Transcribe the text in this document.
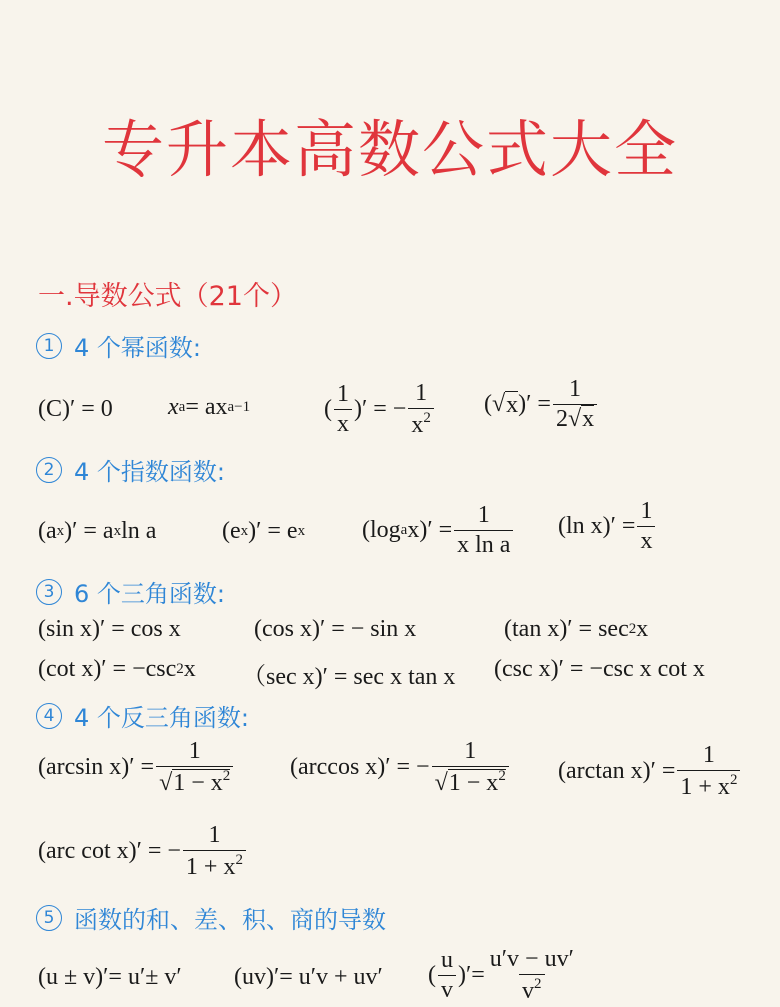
专升本高数公式大全
一.导数公式（21个）
1 4 个幂函数:
(C)′ = 0 x a = ax a−1	( $\frac{1}{x}$ )′ = − $\frac{1}{x^2}$ (√ x )′ = $\frac{1}{2√x}$
2 4 个指数函数:
(a x )′ = a x ln a	(e x )′ = e x (log a $x)' = \frac{1}{\text{x ln a}} (\ln$ $x)' = \frac{1}{x}$
3 6 个三角函数:
(sin x)′ = cos x	(cos x)′ = − sin x	(tan x)′ = sec 2 x
(cot x)′ = −csc 2 x （sec x)′ = sec x tan x (csc x)′ = −csc x cot x
4 4 个反三角函数:
(arcsin $x)' = \frac{1}{√1 - x^2} (\arccos$ x)′ = − $\frac{1}{√1 - x^2} (\arctan$ $x)' = \frac{1}{1 + x^2}$
(arc cot x)′ = − $\frac{1}{1 + x^2}$
5 函数的和、差、积、商的导数
(u ± v)′= u′± v′ (uv)′= u′v + uv′ ( $\frac{u}{v}$ )′= $\frac{u'v - uv'}{v^2}$
